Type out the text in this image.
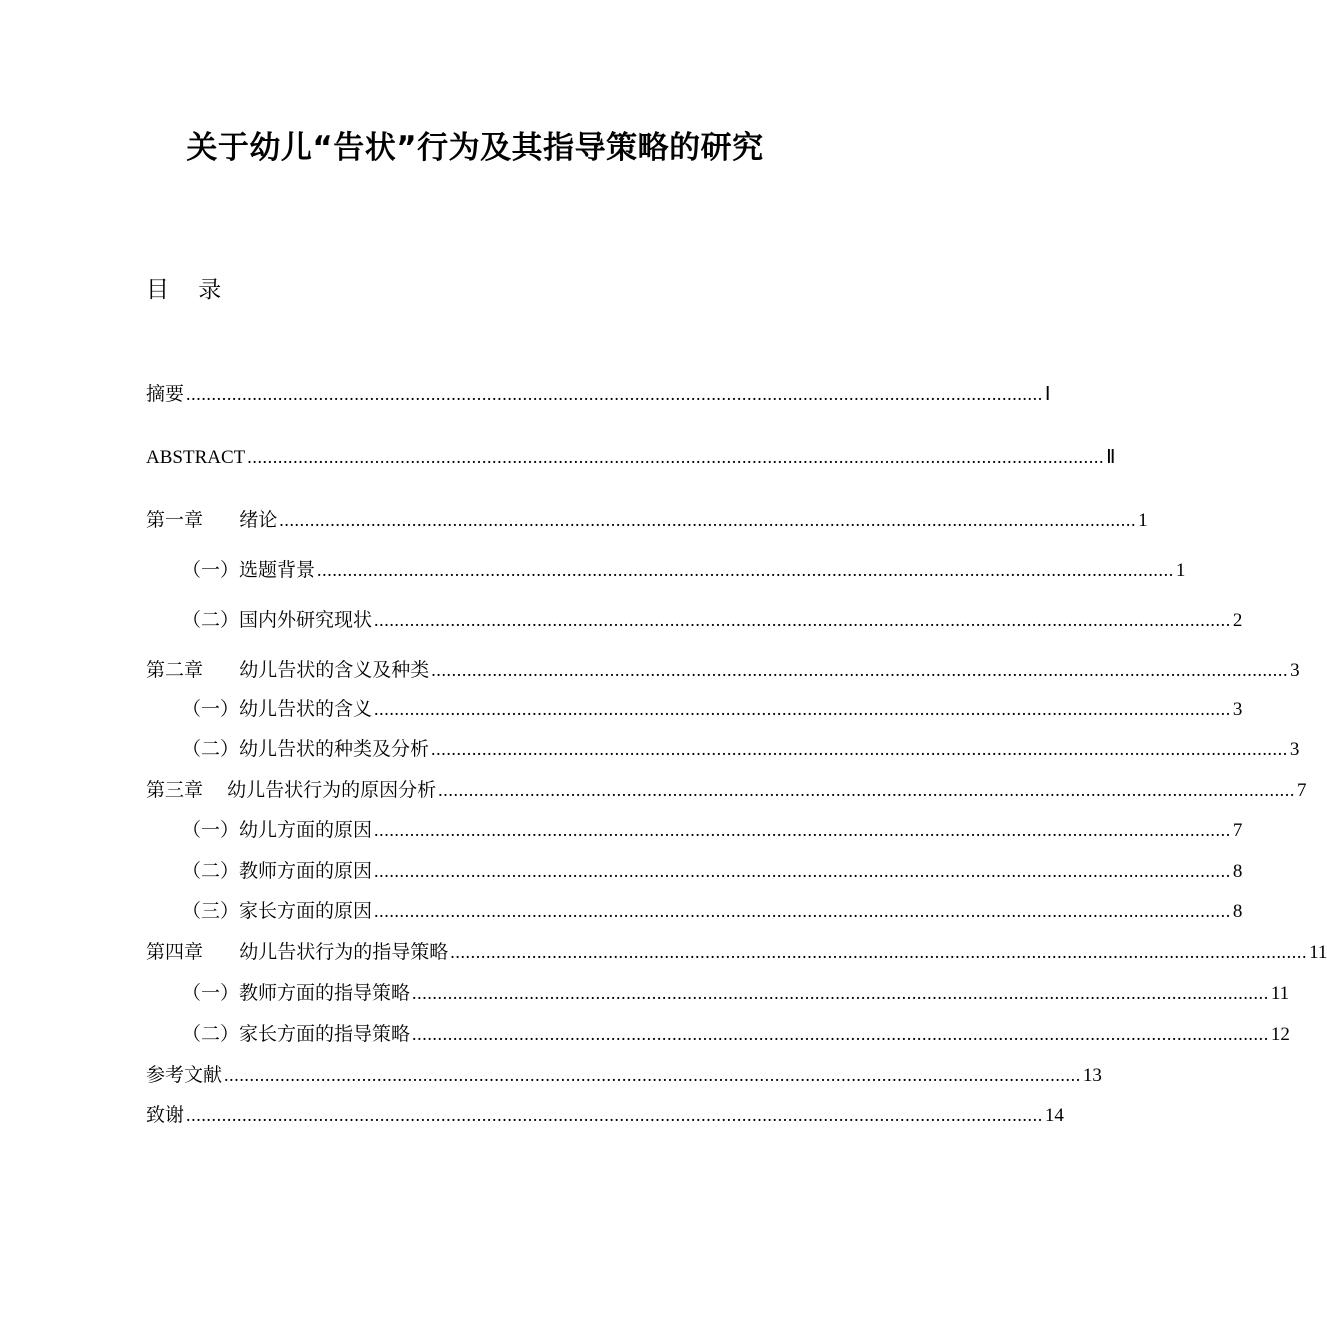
关于幼儿“告状”行为及其指导策略的研究
目    录
摘要 ........................................................................................................................................................................ Ⅰ
ABSTRACT ........................................................................................................................................................................ Ⅱ
第一章      绪论 ........................................................................................................................................................................ 1
（一）选题背景 ........................................................................................................................................................................ 1
（二）国内外研究现状 ........................................................................................................................................................................ 2
第二章      幼儿告状的含义及种类 ........................................................................................................................................................................ 3
（一）幼儿告状的含义 ........................................................................................................................................................................ 3
（二）幼儿告状的种类及分析 ........................................................................................................................................................................ 3
第三章    幼儿告状行为的原因分析 ........................................................................................................................................................................ 7
（一）幼儿方面的原因 ........................................................................................................................................................................ 7
（二）教师方面的原因 ........................................................................................................................................................................ 8
（三）家长方面的原因 ........................................................................................................................................................................ 8
第四章      幼儿告状行为的指导策略 ........................................................................................................................................................................ 11
（一）教师方面的指导策略 ........................................................................................................................................................................ 11
（二）家长方面的指导策略 ........................................................................................................................................................................ 12
参考文献 ........................................................................................................................................................................ 13
致谢 ........................................................................................................................................................................ 14
